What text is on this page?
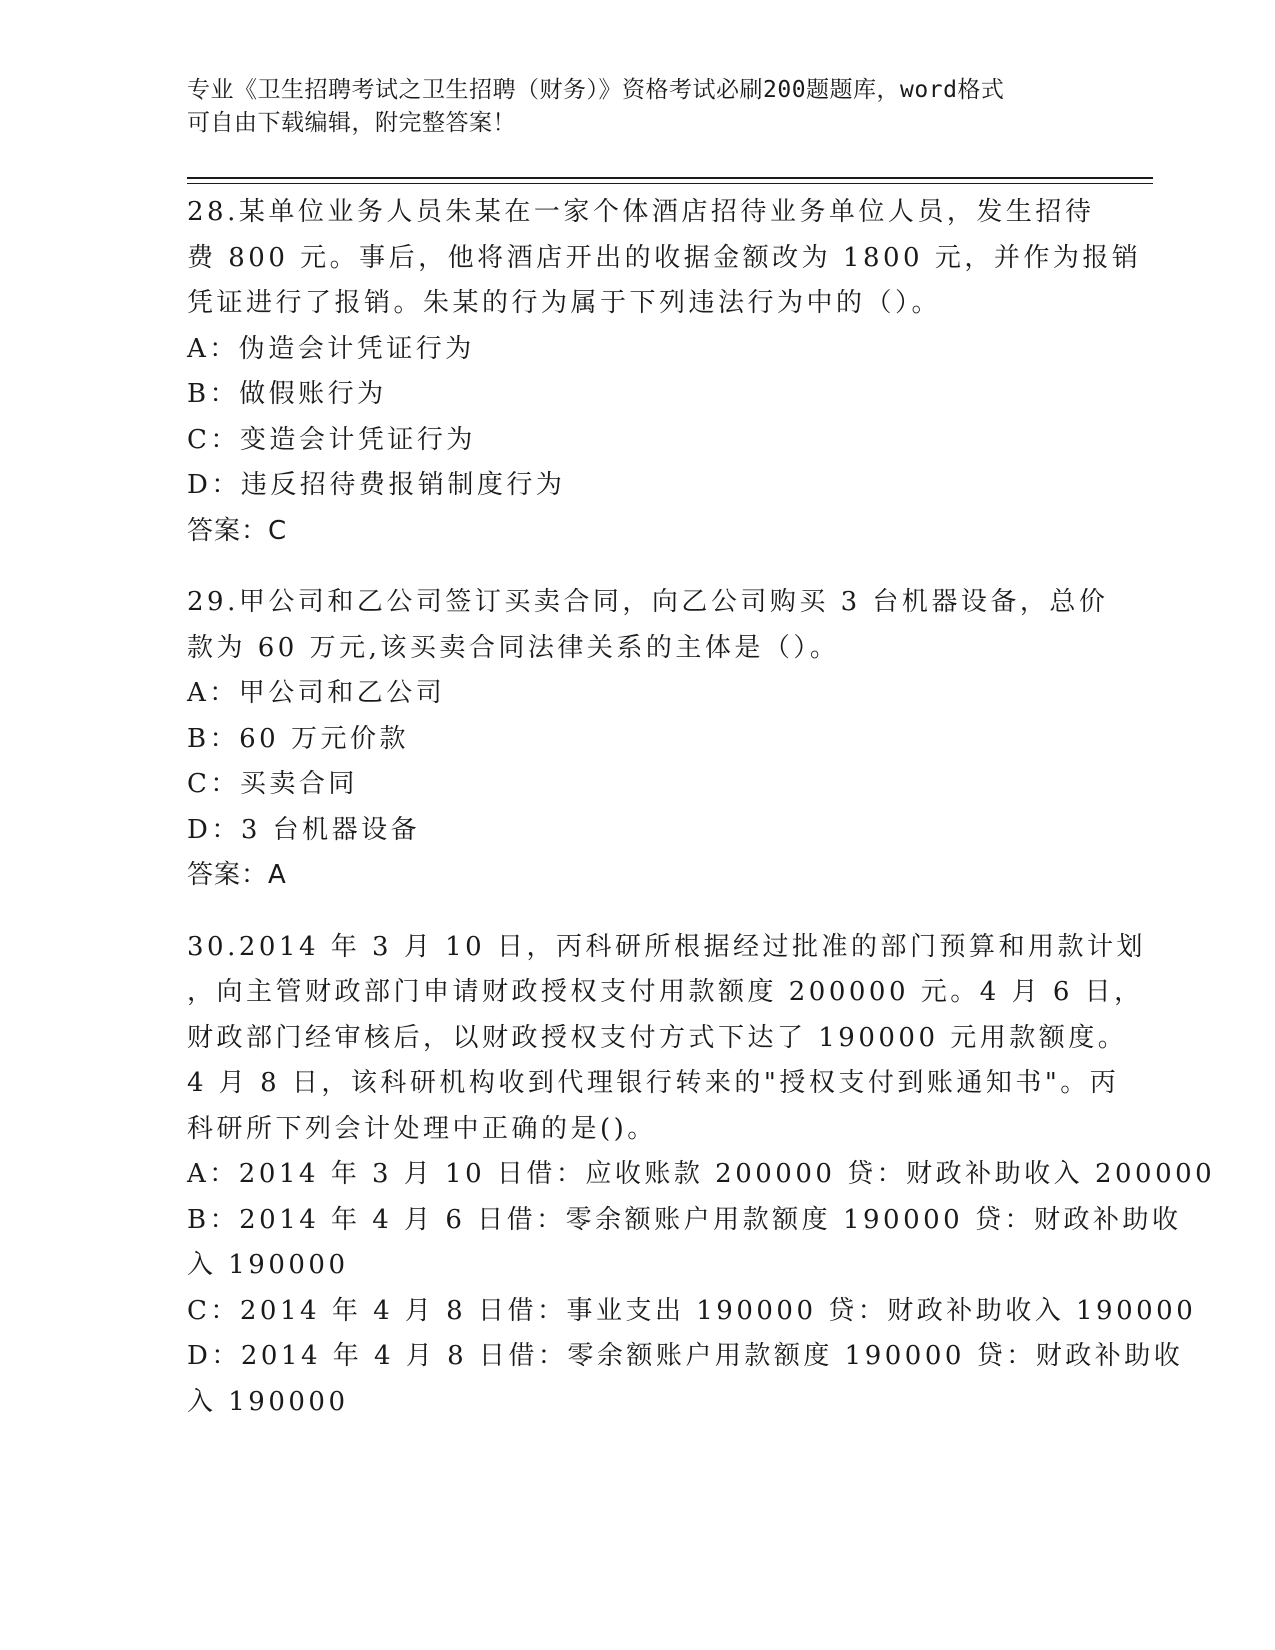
专业《卫生招聘考试之卫生招聘（财务）》资格考试必刷200题题库，word格式
可自由下载编辑，附完整答案！
28.某单位业务人员朱某在一家个体酒店招待业务单位人员，发生招待
费 800 元。事后，他将酒店开出的收据金额改为 1800 元，并作为报销
凭证进行了报销。朱某的行为属于下列违法行为中的（）。
A：伪造会计凭证行为
B：做假账行为
C：变造会计凭证行为
D：违反招待费报销制度行为
答案：C
29.甲公司和乙公司签订买卖合同，向乙公司购买 3 台机器设备，总价
款为 60 万元,该买卖合同法律关系的主体是（）。
A：甲公司和乙公司
B：60 万元价款
C：买卖合同
D：3 台机器设备
答案：A
30.2014 年 3 月 10 日，丙科研所根据经过批准的部门预算和用款计划
，向主管财政部门申请财政授权支付用款额度 200000 元。4 月 6 日，
财政部门经审核后，以财政授权支付方式下达了 190000 元用款额度。
4 月 8 日，该科研机构收到代理银行转来的"授权支付到账通知书"。丙
科研所下列会计处理中正确的是()。
A：2014 年 3 月 10 日借：应收账款 200000 贷：财政补助收入 200000
B：2014 年 4 月 6 日借：零余额账户用款额度 190000 贷：财政补助收
入 190000
C：2014 年 4 月 8 日借：事业支出 190000 贷：财政补助收入 190000
D：2014 年 4 月 8 日借：零余额账户用款额度 190000 贷：财政补助收
入 190000
